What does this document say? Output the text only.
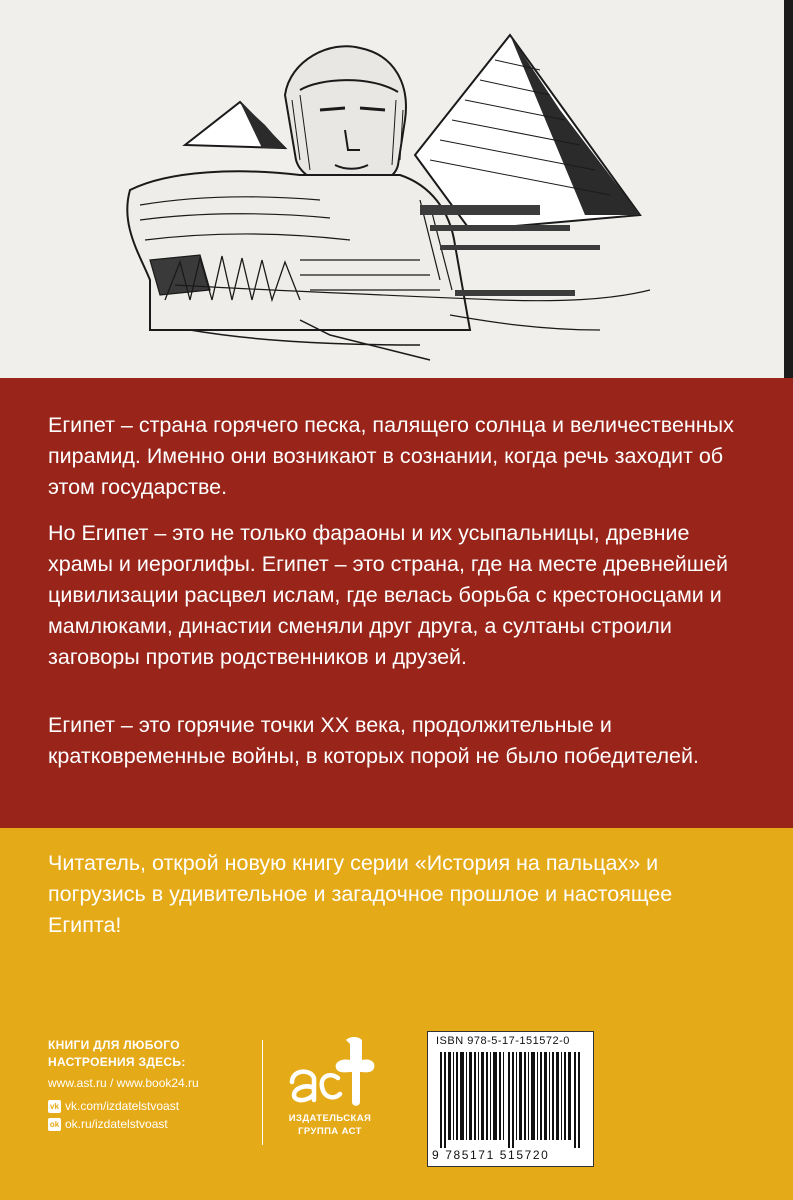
Египет – страна горячего песка, палящего солнца и величественных пирамид. Именно они возникают в сознании, когда речь заходит об этом государстве.

Но Египет – это не только фараоны и их усыпальницы, древние храмы и иероглифы. Египет – это страна, где на месте древнейшей цивилизации расцвел ислам, где велась борьба с крестоносцами и мамлюками, династии сменяли друг друга, а султаны строили заговоры против родственников и друзей.

Египет – это горячие точки XX века, продолжительные и кратковременные войны, в которых порой не было победителей.

Читатель, открой новую книгу серии «История на пальцах» и погрузись в удивительное и загадочное прошлое и настоящее Египта!

КНИГИ ДЛЯ ЛЮБОГО НАСТРОЕНИЯ ЗДЕСЬ:

www.ast.ru / www.book24.ru
vk vk.com/izdatelstvoast
ok ok.ru/izdatelstvoast	ИЗДАТЕЛЬСКАЯ ГРУППА АСТ

ISBN 978-5-17-151572-0
9 785171 515720
